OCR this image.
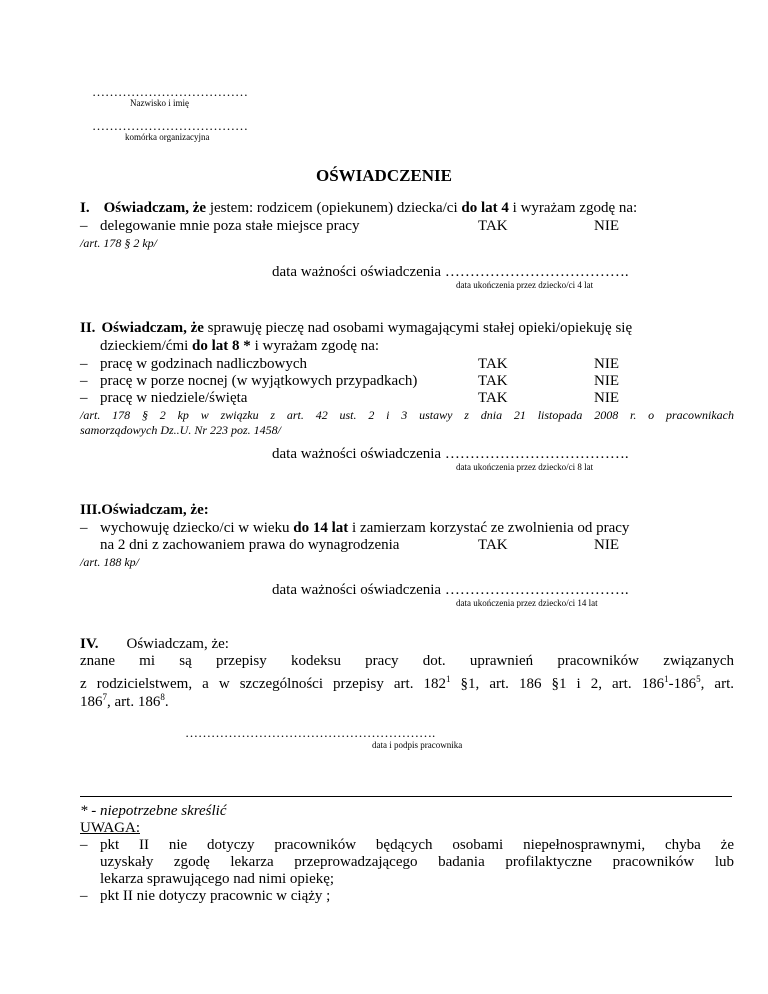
………………………………
Nazwisko i imię
………………………………
komórka organizacyjna
OŚWIADCZENIE
I. Oświadczam, że jestem: rodzicem (opiekunem) dziecka/ci do lat 4 i wyrażam zgodę na:
– delegowanie mnie poza stałe miejsce pracy	TAK	NIE
/art. 178 § 2 kp/
data ważności oświadczenia ……………………………….
data ukończenia przez dziecko/ci 4 lat
II. Oświadczam, że sprawuję pieczę nad osobami wymagającymi stałej opieki/opiekuję się
dzieckiem/ćmi do lat 8 * i wyrażam zgodę na:
– pracę w godzinach nadliczbowych	TAK	NIE
– pracę w porze nocnej (w wyjątkowych przypadkach)	TAK	NIE
– pracę w niedziele/święta	TAK	NIE
/art. 178 § 2 kp w związku z art. 42 ust. 2 i 3 ustawy z dnia 21 listopada 2008 r. o pracownikach
samorządowych Dz..U. Nr 223 poz. 1458/
data ważności oświadczenia ……………………………….
data ukończenia przez dziecko/ci 8 lat
III.Oświadczam, że:
– wychowuję dziecko/ci w wieku do 14 lat i zamierzam korzystać ze zwolnienia od pracy
na 2 dni z zachowaniem prawa do wynagrodzenia	TAK	NIE
/art. 188 kp/
data ważności oświadczenia ……………………………….
data ukończenia przez dziecko/ci 14 lat
IV. Oświadczam, że:
znane mi są przepisy kodeksu pracy dot. uprawnień pracowników związanych
z rodzicielstwem, a w szczególności przepisy art. $182^1$ §1, art. 186 §1 i 2, art. $186^1-186^5$, art.
$186^7$, art. $186^8$.
………………………………………………….
data i podpis pracownika
* - niepotrzebne skreślić
UWAGA:
– pkt II nie dotyczy pracowników będących osobami niepełnosprawnymi, chyba że
uzyskały zgodę lekarza przeprowadzającego badania profilaktyczne pracowników lub
lekarza sprawującego nad nimi opiekę;
– pkt II nie dotyczy pracownic w ciąży ;
